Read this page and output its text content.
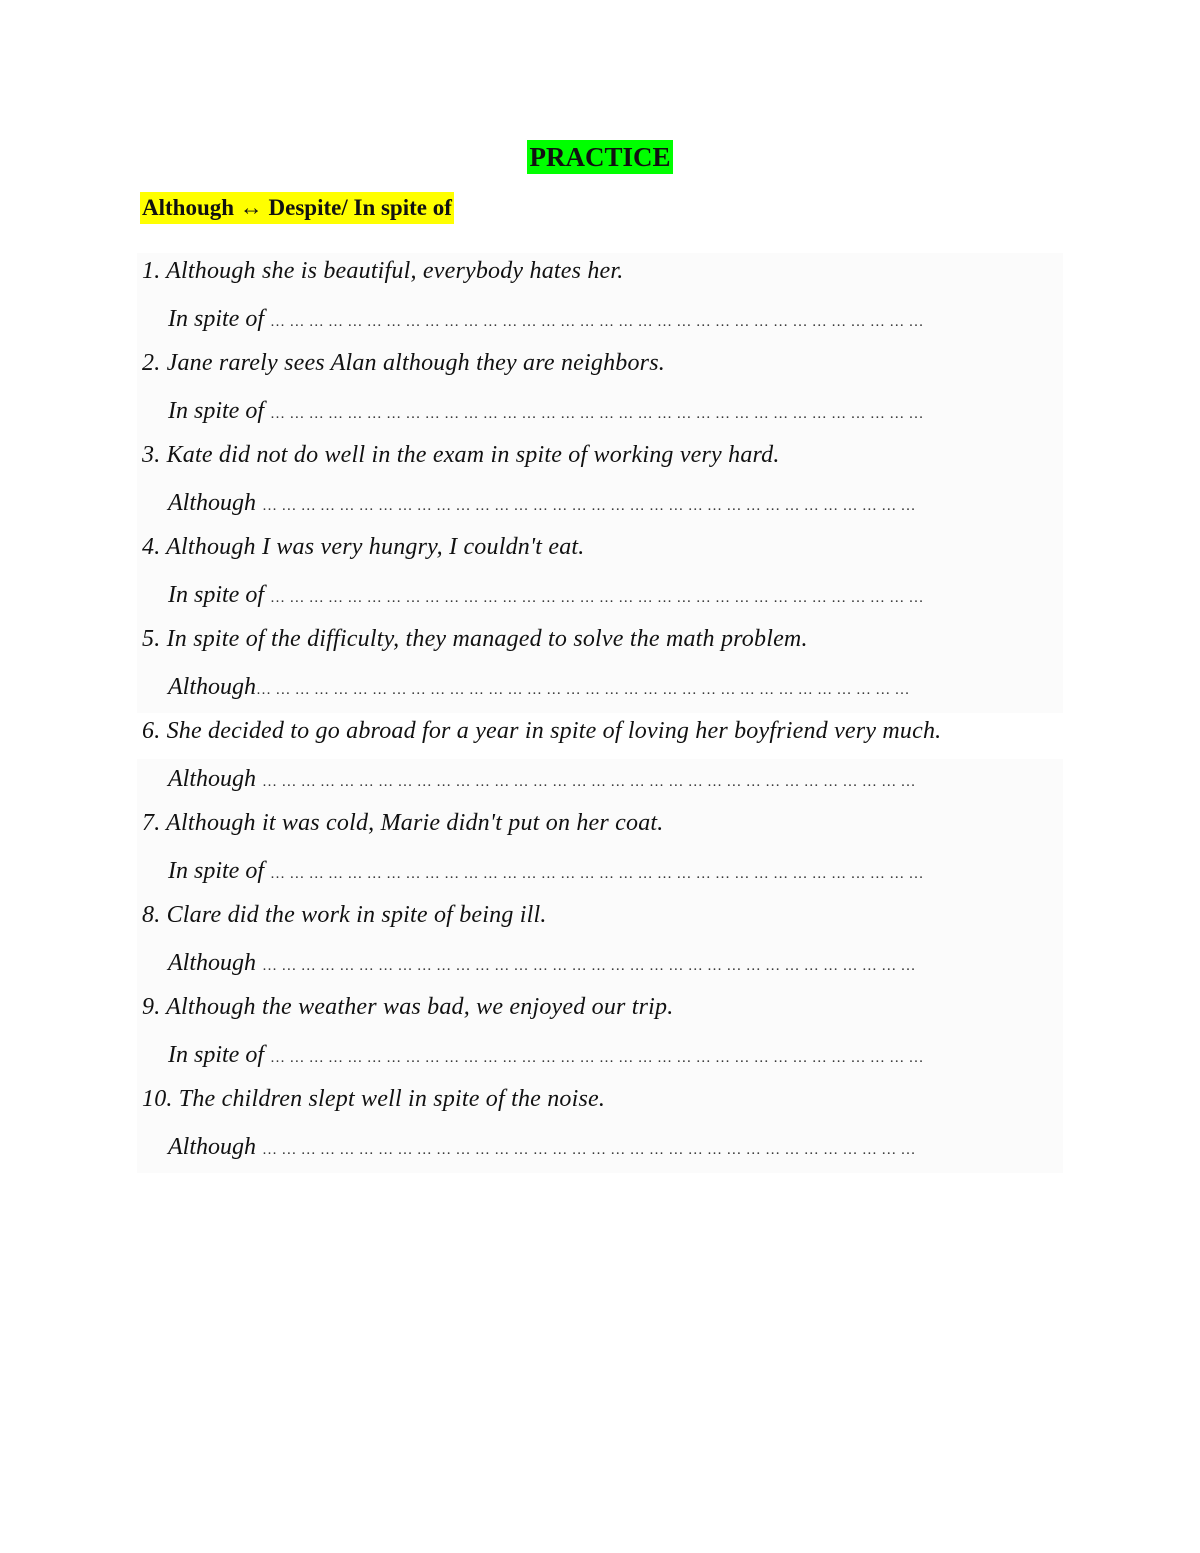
PRACTICE
Although ↔ Despite/ In spite of
1. Although she is beautiful, everybody hates her.
In spite of … … … … … … … … … … … … … … … … … … … … … … … … … … … … … … … … … …
2. Jane rarely sees Alan although they are neighbors.
In spite of … … … … … … … … … … … … … … … … … … … … … … … … … … … … … … … … … …
3. Kate did not do well in the exam in spite of working very hard.
Although … … … … … … … … … … … … … … … … … … … … … … … … … … … … … … … … … …
4. Although I was very hungry, I couldn't eat.
In spite of … … … … … … … … … … … … … … … … … … … … … … … … … … … … … … … … … …
5. In spite of the difficulty, they managed to solve the math problem.
Although… … … … … … … … … … … … … … … … … … … … … … … … … … … … … … … … … …
6. She decided to go abroad for a year in spite of loving her boyfriend very much.
Although … … … … … … … … … … … … … … … … … … … … … … … … … … … … … … … … … …
7. Although it was cold, Marie didn't put on her coat.
In spite of … … … … … … … … … … … … … … … … … … … … … … … … … … … … … … … … … …
8. Clare did the work in spite of being ill.
Although … … … … … … … … … … … … … … … … … … … … … … … … … … … … … … … … … …
9. Although the weather was bad, we enjoyed our trip.
In spite of … … … … … … … … … … … … … … … … … … … … … … … … … … … … … … … … … …
10. The children slept well in spite of the noise.
Although … … … … … … … … … … … … … … … … … … … … … … … … … … … … … … … … … …
